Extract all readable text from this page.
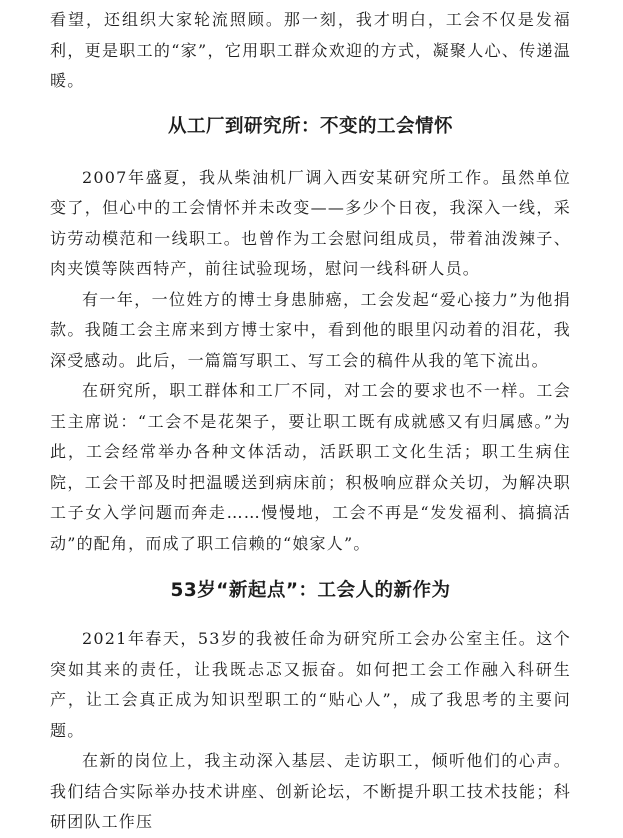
看望，还组织大家轮流照顾。那一刻，我才明白，工会不仅是发福利，更是职工的“家”，它用职工群众欢迎的方式，凝聚人心、传递温暖。

从工厂到研究所：不变的工会情怀

2007年盛夏，我从柴油机厂调入西安某研究所工作。虽然单位变了，但心中的工会情怀并未改变——多少个日夜，我深入一线，采访劳动模范和一线职工。也曾作为工会慰问组成员，带着油泼辣子、肉夹馍等陕西特产，前往试验现场，慰问一线科研人员。

有一年，一位姓方的博士身患肺癌，工会发起“爱心接力”为他捐款。我随工会主席来到方博士家中，看到他的眼里闪动着的泪花，我深受感动。此后，一篇篇写职工、写工会的稿件从我的笔下流出。

在研究所，职工群体和工厂不同，对工会的要求也不一样。工会王主席说：“工会不是花架子，要让职工既有成就感又有归属感。”为此，工会经常举办各种文体活动，活跃职工文化生活；职工生病住院，工会干部及时把温暖送到病床前；积极响应群众关切，为解决职工子女入学问题而奔走……慢慢地，工会不再是“发发福利、搞搞活动”的配角，而成了职工信赖的“娘家人”。

53岁“新起点”：工会人的新作为

2021年春天，53岁的我被任命为研究所工会办公室主任。这个突如其来的责任，让我既忐忑又振奋。如何把工会工作融入科研生产，让工会真正成为知识型职工的“贴心人”，成了我思考的主要问题。

在新的岗位上，我主动深入基层、走访职工，倾听他们的心声。我们结合实际举办技术讲座、创新论坛，不断提升职工技术技能；科研团队工作压
